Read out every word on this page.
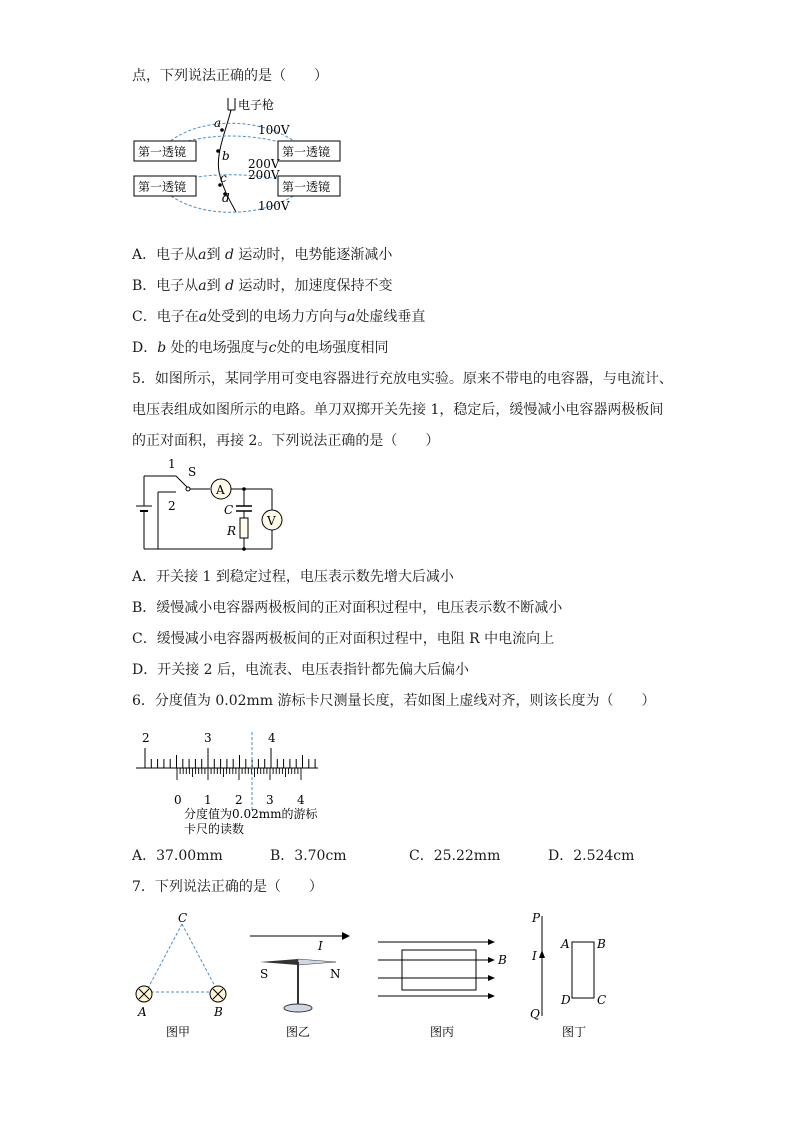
点，下列说法正确的是（　　）
电子枪
第一透镜	第一透镜
第一透镜	第一透镜
100V
200V
200V
100V
a
b
c
d
A．电子从a到 d 运动时，电势能逐渐减小
B．电子从a到 d 运动时，加速度保持不变
C．电子在a处受到的电场力方向与a处虚线垂直
D．b 处的电场强度与c处的电场强度相同
5．如图所示，某同学用可变电容器进行充放电实验。原来不带电的电容器，与电流计、
电压表组成如图所示的电路。单刀双掷开关先接 1，稳定后，缓慢减小电容器两极板间
的正对面积，再接 2。下列说法正确的是（　　）
1
2
S
A
V
C
R
A．开关接 1 到稳定过程，电压表示数先增大后减小
B．缓慢减小电容器两极板间的正对面积过程中，电压表示数不断减小
C．缓慢减小电容器两极板间的正对面积过程中，电阻 R 中电流向上
D．开关接 2 后，电流表、电压表指针都先偏大后偏小
6．分度值为 0.02mm 游标卡尺测量长度，若如图上虚线对齐，则该长度为（　　）
2	3	4
0 1 2 3 4
分度值为0.02mm的游标
卡尺的读数
A．37.00mm	B．3.70cm	C．25.22mm	D．2.524cm
7．下列说法正确的是（　　）
C
A	B
图甲
I
S	N
图乙
B
图丙
P
I
Q
A B
D C
图丁
